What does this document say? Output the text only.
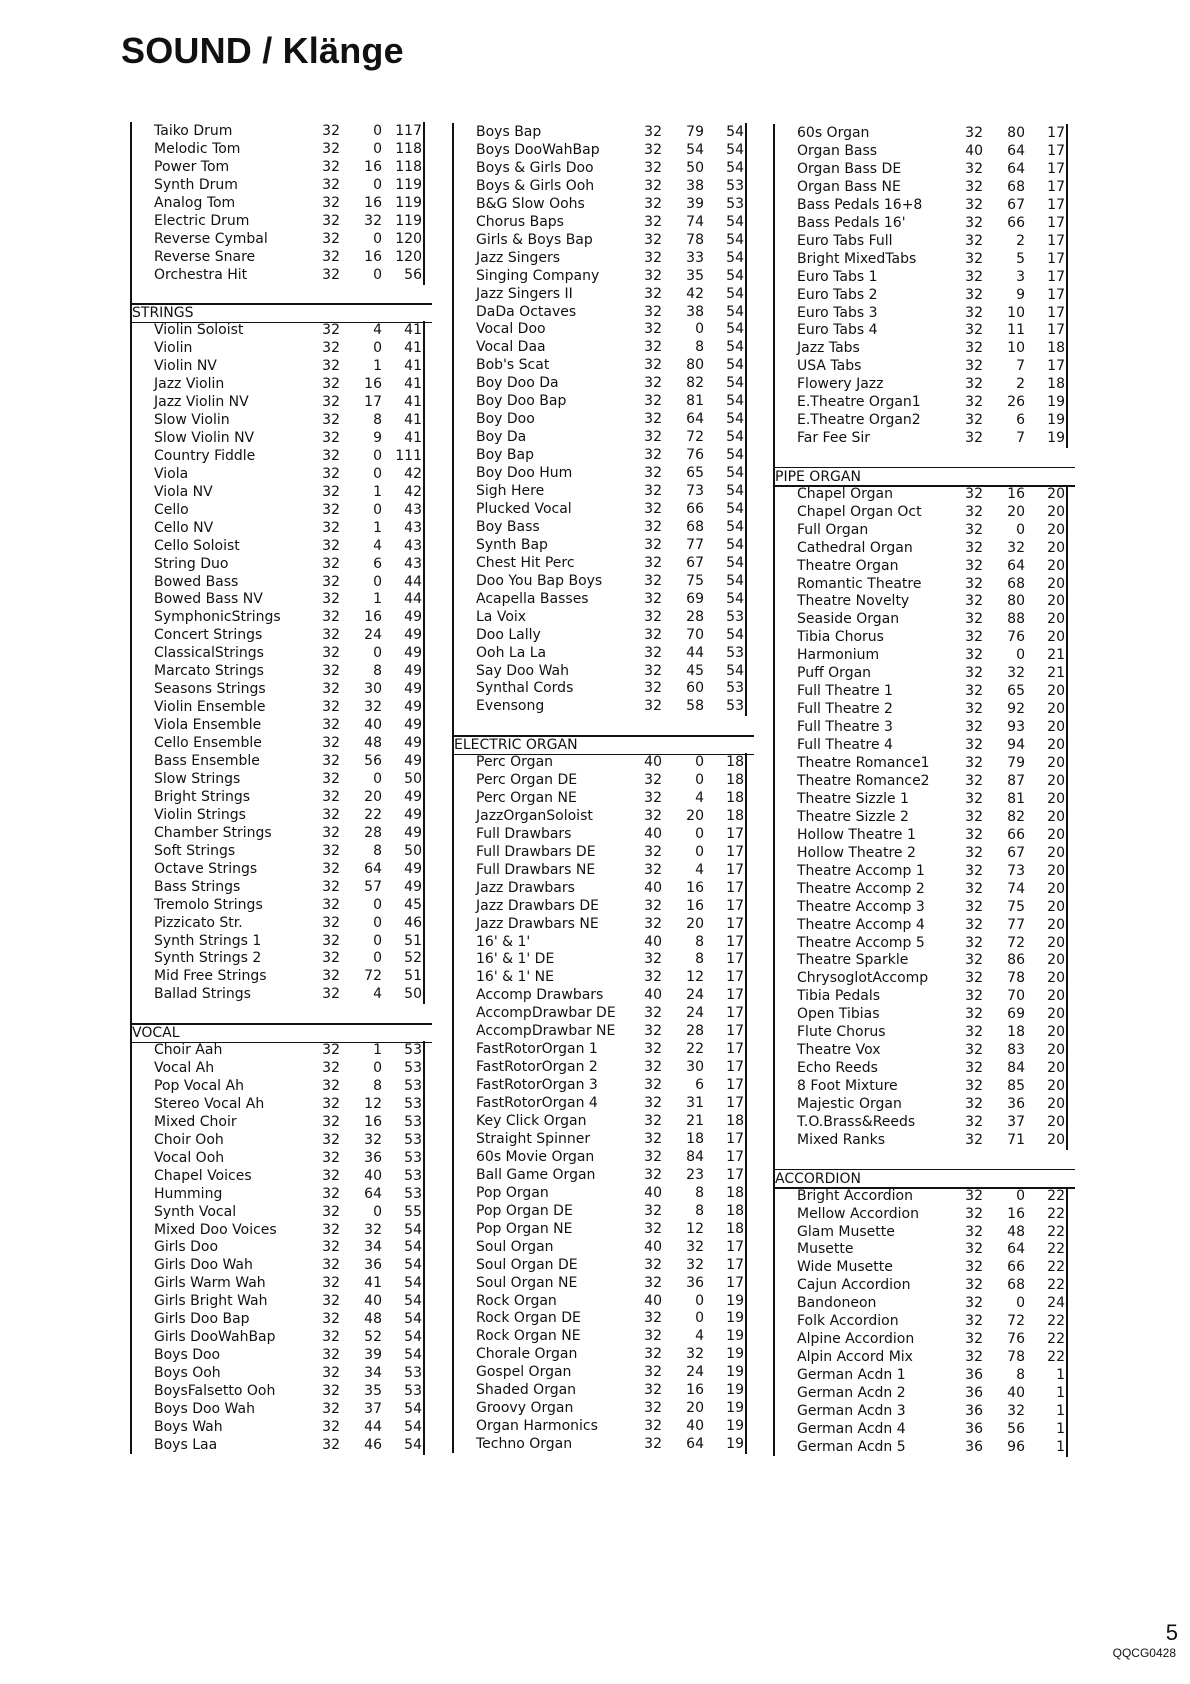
SOUND / Klänge
Taiko Drum	32	0 117
Melodic Tom	32	0 118
Power Tom	32	16 118
Synth Drum	32	0 119
Analog Tom	32	16 119
Electric Drum	32	32 119
Reverse Cymbal	32	0 120
Reverse Snare	32	16 120
Orchestra Hit	32	0	56
STRINGS
Violin Soloist	32	4	41
Violin	32	0	41
Violin NV	32	1	41
Jazz Violin	32	16	41
Jazz Violin NV	32	17	41
Slow Violin	32	8	41
Slow Violin NV	32	9	41
Country Fiddle	32	0 111
Viola	32	0	42
Viola NV	32	1	42
Cello	32	0	43
Cello NV	32	1	43
Cello Soloist	32	4	43
String Duo	32	6	43
Bowed Bass	32	0	44
Bowed Bass NV	32	1	44
SymphonicStrings	32	16	49
Concert Strings	32	24	49
ClassicalStrings	32	0	49
Marcato Strings	32	8	49
Seasons Strings	32	30	49
Violin Ensemble	32	32	49
Viola Ensemble	32	40	49
Cello Ensemble	32	48	49
Bass Ensemble	32	56	49
Slow Strings	32	0	50
Bright Strings	32	20	49
Violin Strings	32	22	49
Chamber Strings	32	28	49
Soft Strings	32	8	50
Octave Strings	32	64	49
Bass Strings	32	57	49
Tremolo Strings	32	0	45
Pizzicato Str.	32	0	46
Synth Strings 1	32	0	51
Synth Strings 2	32	0	52
Mid Free Strings	32	72	51
Ballad Strings	32	4	50
VOCAL
Choir Aah	32	1	53
Vocal Ah	32	0	53
Pop Vocal Ah	32	8	53
Stereo Vocal Ah	32	12	53
Mixed Choir	32	16	53
Choir Ooh	32	32	53
Vocal Ooh	32	36	53
Chapel Voices	32	40	53
Humming	32	64	53
Synth Vocal	32	0	55
Mixed Doo Voices	32	32	54
Girls Doo	32	34	54
Girls Doo Wah	32	36	54
Girls Warm Wah	32	41	54
Girls Bright Wah	32	40	54
Girls Doo Bap	32	48	54
Girls DooWahBap	32	52	54
Boys Doo	32	39	54
Boys Ooh	32	34	53
BoysFalsetto Ooh	32	35	53
Boys Doo Wah	32	37	54
Boys Wah	32	44	54
Boys Laa	32	46	54
Boys Bap	32	79	54
Boys DooWahBap	32	54	54
Boys & Girls Doo	32	50	54
Boys & Girls Ooh	32	38	53
B&G Slow Oohs	32	39	53
Chorus Baps	32	74	54
Girls & Boys Bap	32	78	54
Jazz Singers	32	33	54
Singing Company	32	35	54
Jazz Singers II	32	42	54
DaDa Octaves	32	38	54
Vocal Doo	32	0	54
Vocal Daa	32	8	54
Bob's Scat	32	80	54
Boy Doo Da	32	82	54
Boy Doo Bap	32	81	54
Boy Doo	32	64	54
Boy Da	32	72	54
Boy Bap	32	76	54
Boy Doo Hum	32	65	54
Sigh Here	32	73	54
Plucked Vocal	32	66	54
Boy Bass	32	68	54
Synth Bap	32	77	54
Chest Hit Perc	32	67	54
Doo You Bap Boys	32	75	54
Acapella Basses	32	69	54
La Voix	32	28	53
Doo Lally	32	70	54
Ooh La La	32	44	53
Say Doo Wah	32	45	54
Synthal Cords	32	60	53
Evensong	32	58	53
ELECTRIC ORGAN
Perc Organ	40	0	18
Perc Organ DE	32	0	18
Perc Organ NE	32	4	18
JazzOrganSoloist	32	20	18
Full Drawbars	40	0	17
Full Drawbars DE	32	0	17
Full Drawbars NE	32	4	17
Jazz Drawbars	40	16	17
Jazz Drawbars DE	32	16	17
Jazz Drawbars NE	32	20	17
16' & 1'	40	8	17
16' & 1' DE	32	8	17
16' & 1' NE	32	12	17
Accomp Drawbars	40	24	17
AccompDrawbar DE 32	24	17
AccompDrawbar NE 32	28	17
FastRotorOrgan 1	32	22	17
FastRotorOrgan 2	32	30	17
FastRotorOrgan 3	32	6	17
FastRotorOrgan 4	32	31	17
Key Click Organ	32	21	18
Straight Spinner	32	18	17
60s Movie Organ	32	84	17
Ball Game Organ	32	23	17
Pop Organ	40	8	18
Pop Organ DE	32	8	18
Pop Organ NE	32	12	18
Soul Organ	40	32	17
Soul Organ DE	32	32	17
Soul Organ NE	32	36	17
Rock Organ	40	0	19
Rock Organ DE	32	0	19
Rock Organ NE	32	4	19
Chorale Organ	32	32	19
Gospel Organ	32	24	19
Shaded Organ	32	16	19
Groovy Organ	32	20	19
Organ Harmonics	32	40	19
Techno Organ	32	64	19
60s Organ	32	80	17
Organ Bass	40	64	17
Organ Bass DE	32	64	17
Organ Bass NE	32	68	17
Bass Pedals 16+8	32	67	17
Bass Pedals 16'	32	66	17
Euro Tabs Full	32	2	17
Bright MixedTabs	32	5	17
Euro Tabs 1	32	3	17
Euro Tabs 2	32	9	17
Euro Tabs 3	32	10	17
Euro Tabs 4	32	11	17
Jazz Tabs	32	10	18
USA Tabs	32	7	17
Flowery Jazz	32	2	18
E.Theatre Organ1	32	26	19
E.Theatre Organ2	32	6	19
Far Fee Sir	32	7	19
PIPE ORGAN
Chapel Organ	32	16	20
Chapel Organ Oct	32	20	20
Full Organ	32	0	20
Cathedral Organ	32	32	20
Theatre Organ	32	64	20
Romantic Theatre	32	68	20
Theatre Novelty	32	80	20
Seaside Organ	32	88	20
Tibia Chorus	32	76	20
Harmonium	32	0	21
Puff Organ	32	32	21
Full Theatre 1	32	65	20
Full Theatre 2	32	92	20
Full Theatre 3	32	93	20
Full Theatre 4	32	94	20
Theatre Romance1	32	79	20
Theatre Romance2	32	87	20
Theatre Sizzle 1	32	81	20
Theatre Sizzle 2	32	82	20
Hollow Theatre 1	32	66	20
Hollow Theatre 2	32	67	20
Theatre Accomp 1	32	73	20
Theatre Accomp 2	32	74	20
Theatre Accomp 3	32	75	20
Theatre Accomp 4	32	77	20
Theatre Accomp 5	32	72	20
Theatre Sparkle	32	86	20
ChrysoglotAccomp	32	78	20
Tibia Pedals	32	70	20
Open Tibias	32	69	20
Flute Chorus	32	18	20
Theatre Vox	32	83	20
Echo Reeds	32	84	20
8 Foot Mixture	32	85	20
Majestic Organ	32	36	20
T.O.Brass&Reeds	32	37	20
Mixed Ranks	32	71	20
ACCORDION
Bright Accordion	32	0	22
Mellow Accordion	32	16	22
Glam Musette	32	48	22
Musette	32	64	22
Wide Musette	32	66	22
Cajun Accordion	32	68	22
Bandoneon	32	0	24
Folk Accordion	32	72	22
Alpine Accordion	32	76	22
Alpin Accord Mix	32	78	22
German Acdn 1	36	8	1
German Acdn 2	36	40	1
German Acdn 3	36	32	1
German Acdn 4	36	56	1
German Acdn 5	36	96	1
5
QQCG0428
